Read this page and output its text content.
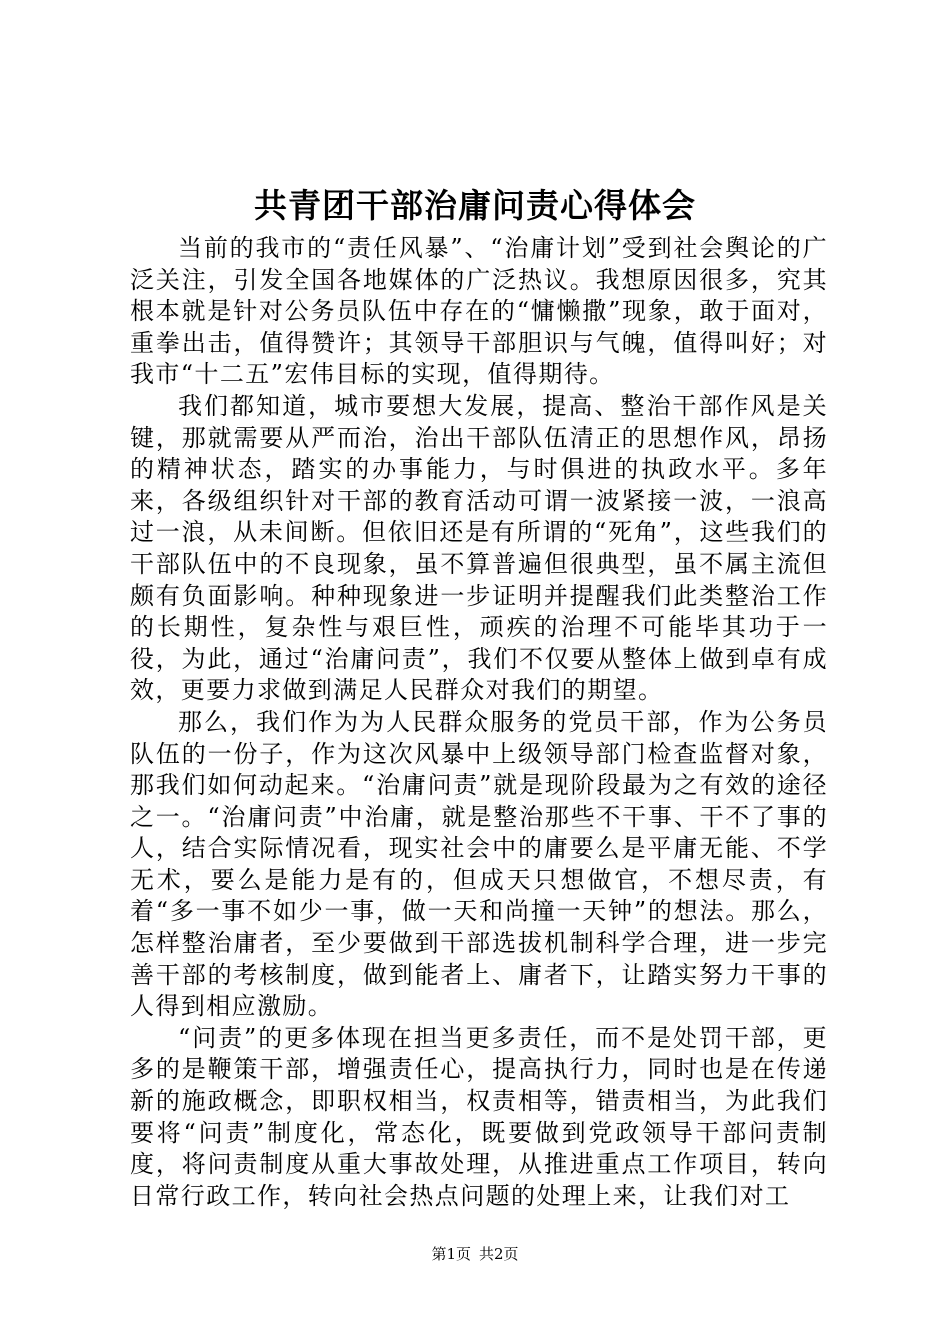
共青团干部治庸问责心得体会

当前的我市的“责任风暴”、“治庸计划”受到社会舆论的广泛关注，引发全国各地媒体的广泛热议。我想原因很多，究其根本就是针对公务员队伍中存在的“慵懒撒”现象，敢于面对，重拳出击，值得赞许；其领导干部胆识与气魄，值得叫好；对我市“十二五”宏伟目标的实现，值得期待。

我们都知道，城市要想大发展，提高、整治干部作风是关键，那就需要从严而治，治出干部队伍清正的思想作风，昂扬的精神状态，踏实的办事能力，与时俱进的执政水平。多年来，各级组织针对干部的教育活动可谓一波紧接一波，一浪高过一浪，从未间断。但依旧还是有所谓的“死角”，这些我们的干部队伍中的不良现象，虽不算普遍但很典型，虽不属主流但颇有负面影响。种种现象进一步证明并提醒我们此类整治工作的长期性，复杂性与艰巨性，顽疾的治理不可能毕其功于一役，为此，通过“治庸问责”，我们不仅要从整体上做到卓有成效，更要力求做到满足人民群众对我们的期望。

那么，我们作为为人民群众服务的党员干部，作为公务员队伍的一份子，作为这次风暴中上级领导部门检查监督对象，那我们如何动起来。“治庸问责”就是现阶段最为之有效的途径之一。“治庸问责”中治庸，就是整治那些不干事、干不了事的人，结合实际情况看，现实社会中的庸要么是平庸无能、不学无术，要么是能力是有的，但成天只想做官，不想尽责，有着“多一事不如少一事，做一天和尚撞一天钟”的想法。那么，怎样整治庸者，至少要做到干部选拔机制科学合理，进一步完善干部的考核制度，做到能者上、庸者下，让踏实努力干事的人得到相应激励。

“问责”的更多体现在担当更多责任，而不是处罚干部，更多的是鞭策干部，增强责任心，提高执行力，同时也是在传递新的施政概念，即职权相当，权责相等，错责相当，为此我们要将“问责”制度化，常态化，既要做到党政领导干部问责制度，将问责制度从重大事故处理，从推进重点工作项目，转向日常行政工作，转向社会热点问题的处理上来，让我们对工

第1页 共2页
